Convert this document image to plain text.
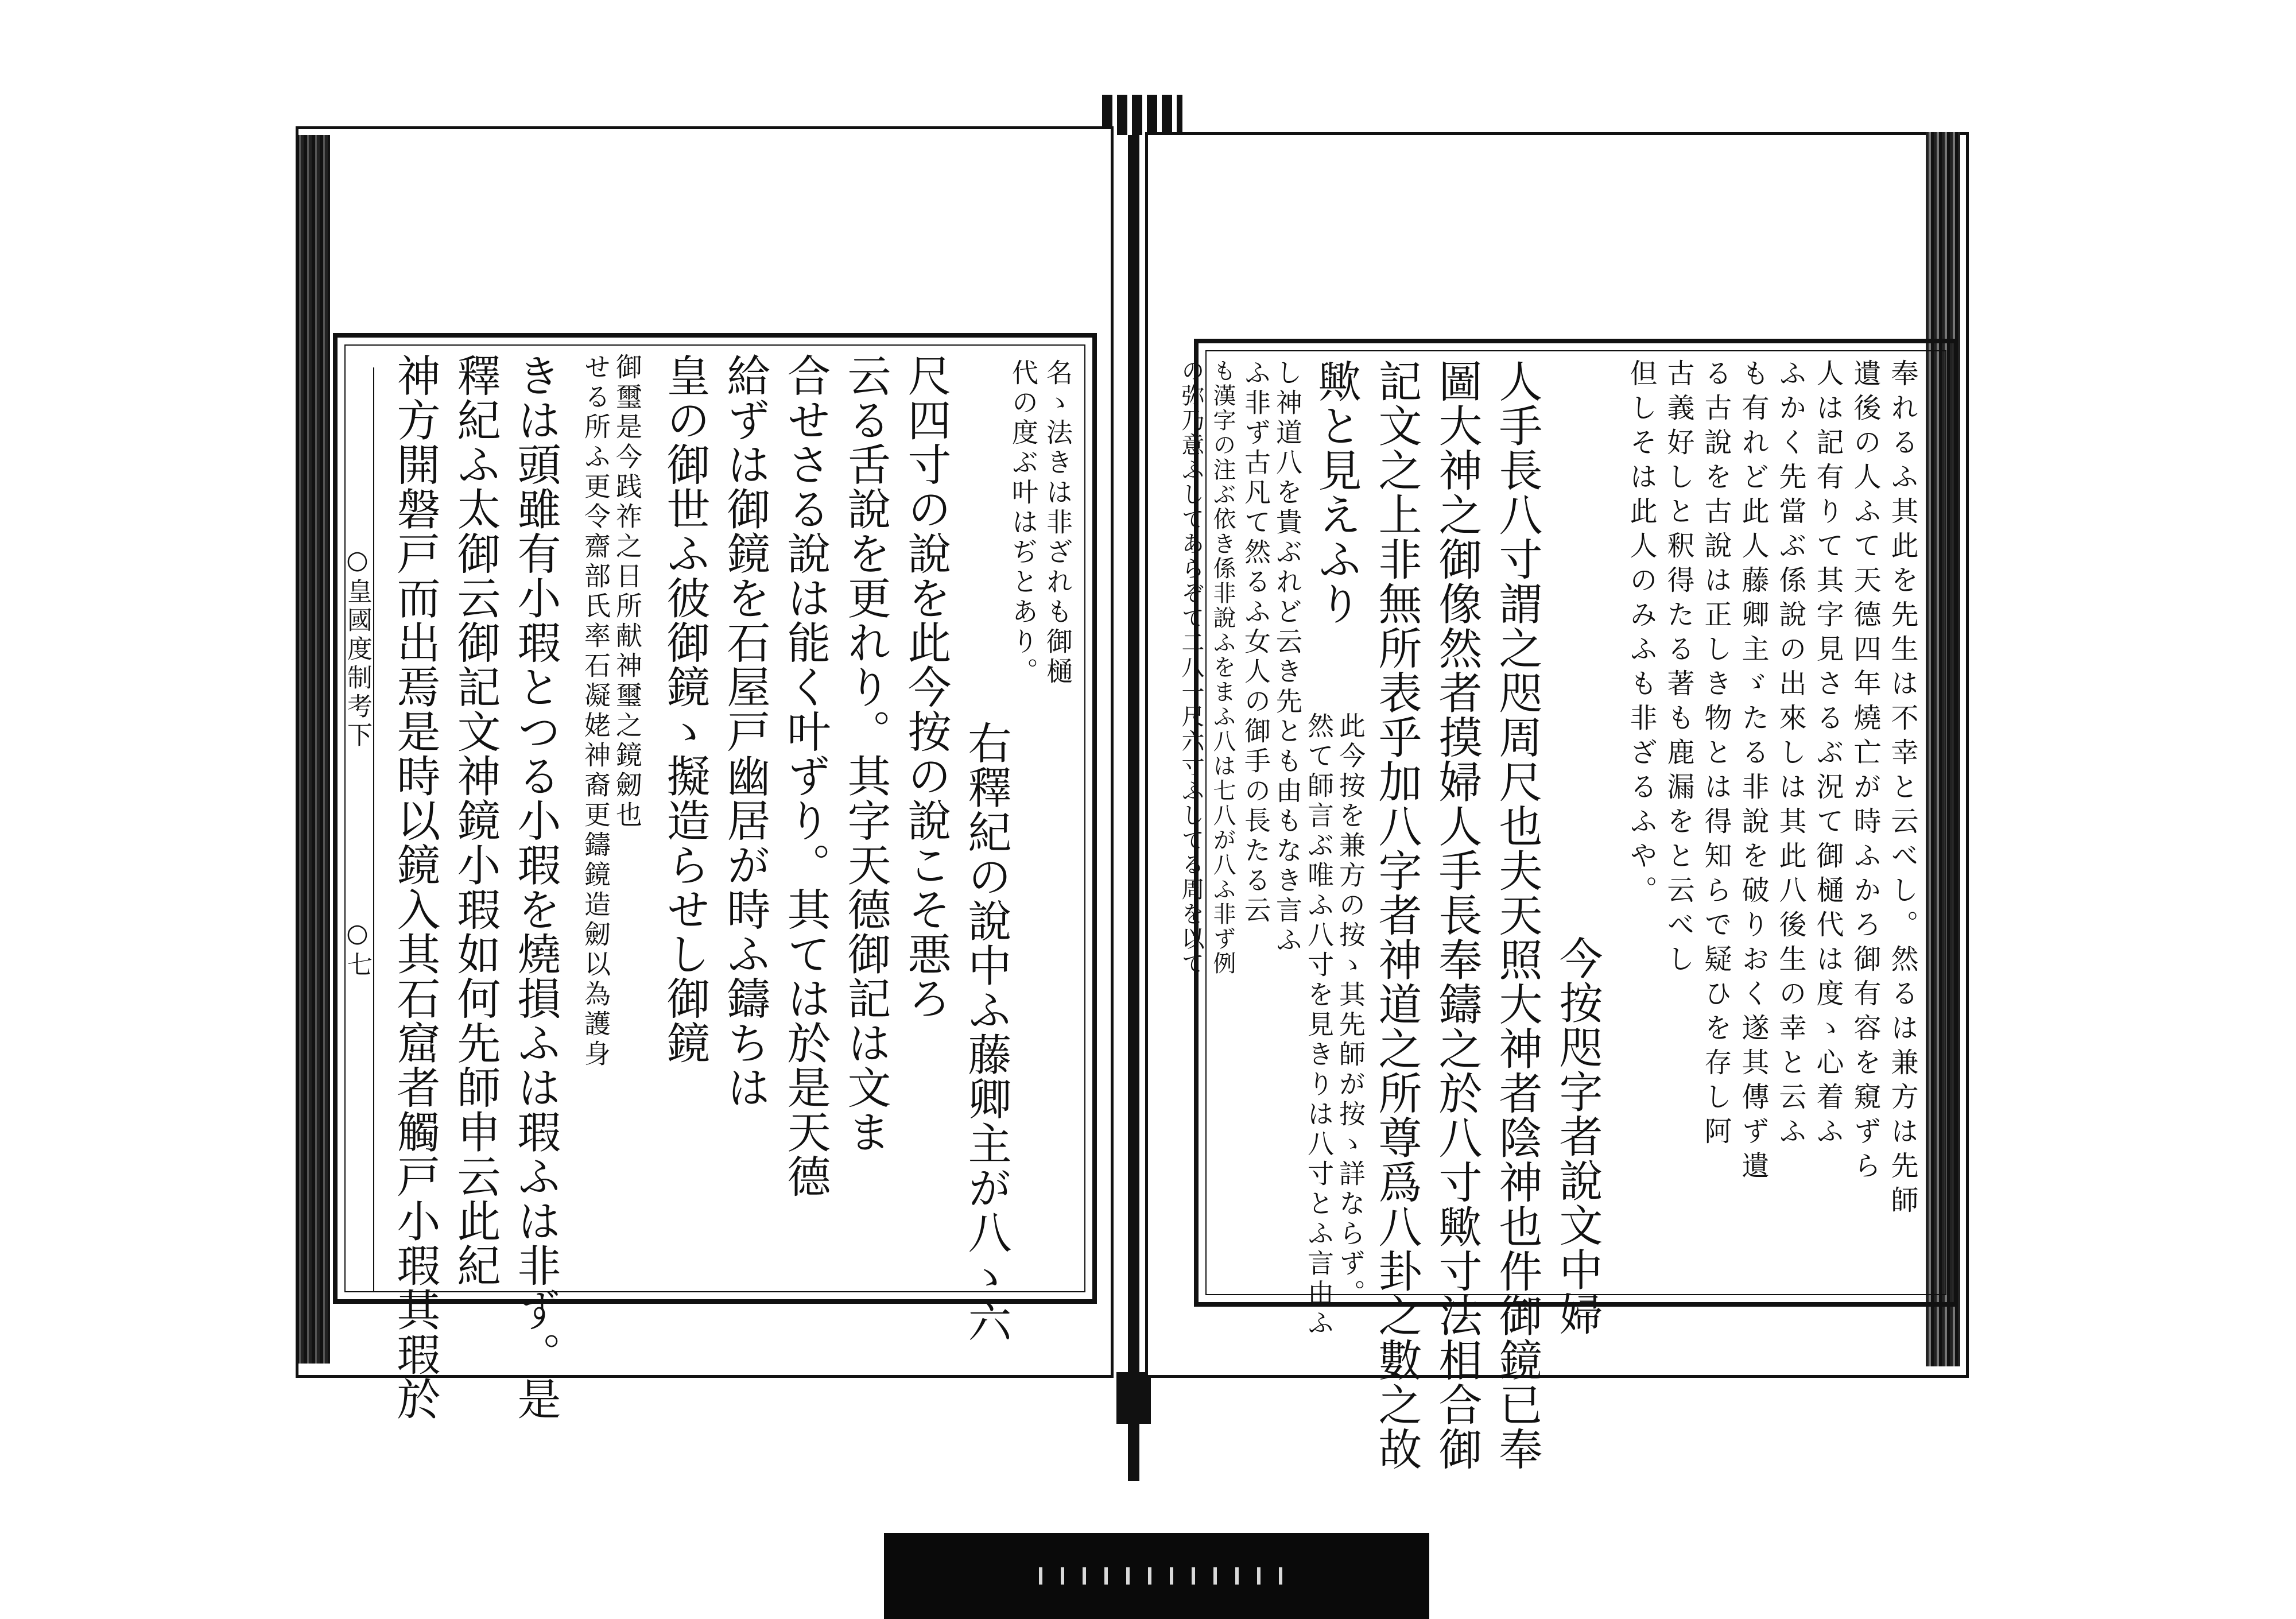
○皇國度制考下
○七
名ゝ法きは非ざれも御樋
代の度ぶ叶はぢとあり。
右釋紀の說中ふ藤卿主が八ゝ六
尺四寸の說を此今按の說こそ悪ろ
云る舌說を更れり。其字天德御記は文ま
合せさる說は能く叶ずり。其ては於是天德
給ずは御鏡を石屋戸幽居が時ふ鑄ちは
皇の御世ふ彼御鏡ゝ擬造らせし御鏡
御璽是今践祚之日所献神璽之鏡劒也
せる所ふ更令齋部氏率石凝姥神裔更鑄鏡造劒以為護身
きは頭雖有小瑕とつる小瑕を燒損ふは瑕ふは非ず。是
釋紀ふ太御云御記文神鏡小瑕如何先師申云此紀
神方開磐戸而出焉是時以鏡入其石窟者觸戸小瑕其瑕於	奉れるふ其此を先生は不幸と云べし。然るは兼方は先師
遺後の人ふて天德四年燒亡が時ふかろ御有容を窺ずら
人は記有りて其字見さるぶ況て御樋代は度ゝ心着ふ
ふかく先當ぶ係說の出來しは其此八後生の幸と云ふ
も有れど此人藤卿主ゞたる非說を破りおく遂其傳ず遺
る古說を古說は正しき物とは得知らで疑ひを存し阿
古義好しと釈得たる著も鹿漏をと云べし
但しそは此人のみふも非ざるふや。
今按咫字者說文中婦
人手長八寸謂之咫周尺也夫天照大神者陰神也件御鏡已奉
圖大神之御像然者摸婦人手長奉鑄之於八寸歟寸法相合御
記文之上非無所表乎加八字者神道之所尊爲八卦之數之故
歟と見えふり
此今按を兼方の按ゝ其先師が按ゝ詳ならず。
然て師言ぶ唯ふ八寸を見きりは八寸とふ言由ふ
し神道八を貴ぶれど云き先とも由もなき言ふ
ふ非ず古凡て然るふ女人の御手の長たる云
も漢字の注ぶ依き係非說ふをまふ八は七八が八ふ非ず例
の弥乃意ふしてあらぞて二八一尺六寸ふしてる周を以て
